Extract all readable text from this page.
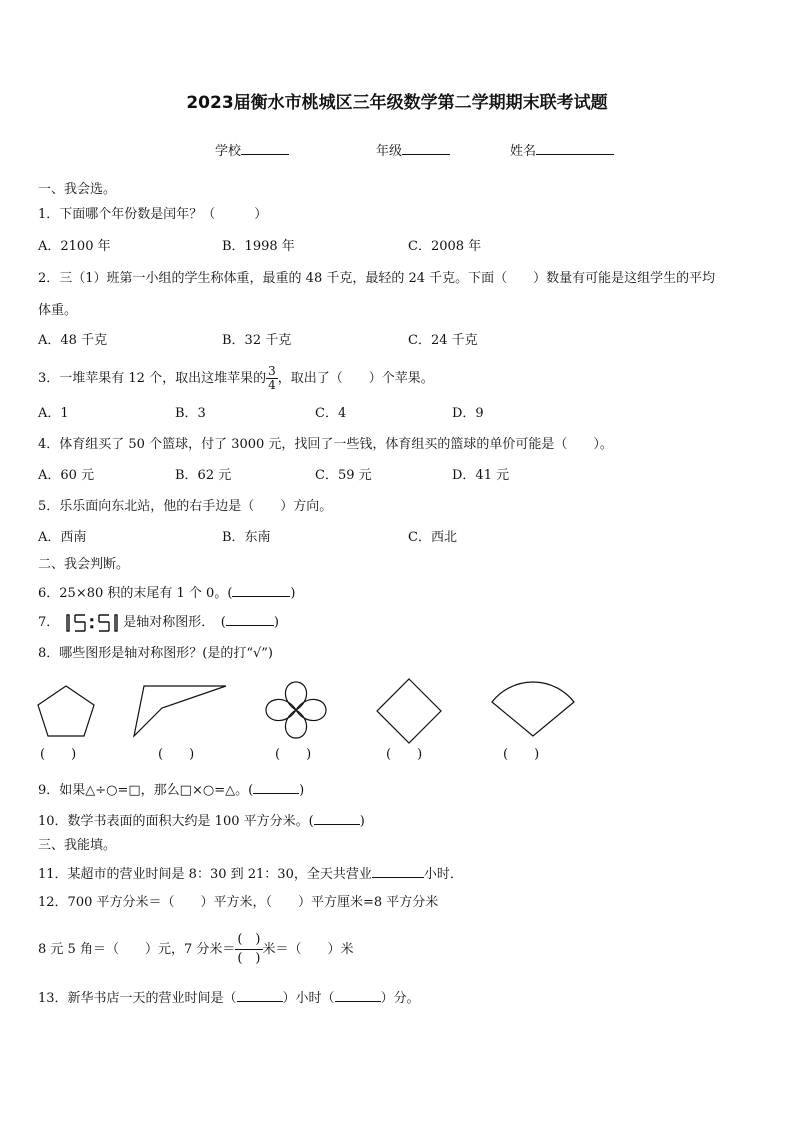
2023届衡水市桃城区三年级数学第二学期期末联考试题
学校	年级	姓名
一、我会选。
1．下面哪个年份数是闰年？（　　　）
A．2100 年	B．1998 年	C．2008 年
2．三（1）班第一小组的学生称体重，最重的 48 千克，最轻的 24 千克。下面（　　）数量有可能是这组学生的平均
体重。
A．48 千克	B．32 千克	C．24 千克
3．一堆苹果有 12 个，取出这堆苹果的 $\frac{3}{4}$ ，取出了（　　）个苹果。
A．1	B．3	C．4	D．9
4．体育组买了 50 个篮球，付了 3000 元，找回了一些钱，体育组买的篮球的单价可能是（　　）。
A．60 元	B．62 元	C．59 元	D．41 元
5．乐乐面向东北站，他的右手边是（　　）方向。
A．西南	B．东南	C．西北
二、我会判断。
6．25×80 积的末尾有 1 个 0。(	)
7．	是轴对称图形．　(	)
8．哪些图形是轴对称图形？(是的打“√”)
(　　)	(　　)	(　　)	(　　)	(　　)
9．如果△÷○=□，那么□×○=△。(	)
10．数学书表面的面积大约是 100 平方分米。(	)
三、我能填。
11．某超市的营业时间是 8：30 到 21：30，全天共营业	小时．
12．700 平方分米＝（　　）平方米，（　　）平方厘米=8 平方分米
8 元 5 角＝（　　）元，7 分米＝ $\frac{( )}{( )}$ 米＝（　　）米
13．新华书店一天的营业时间是（	）小时（	）分。
